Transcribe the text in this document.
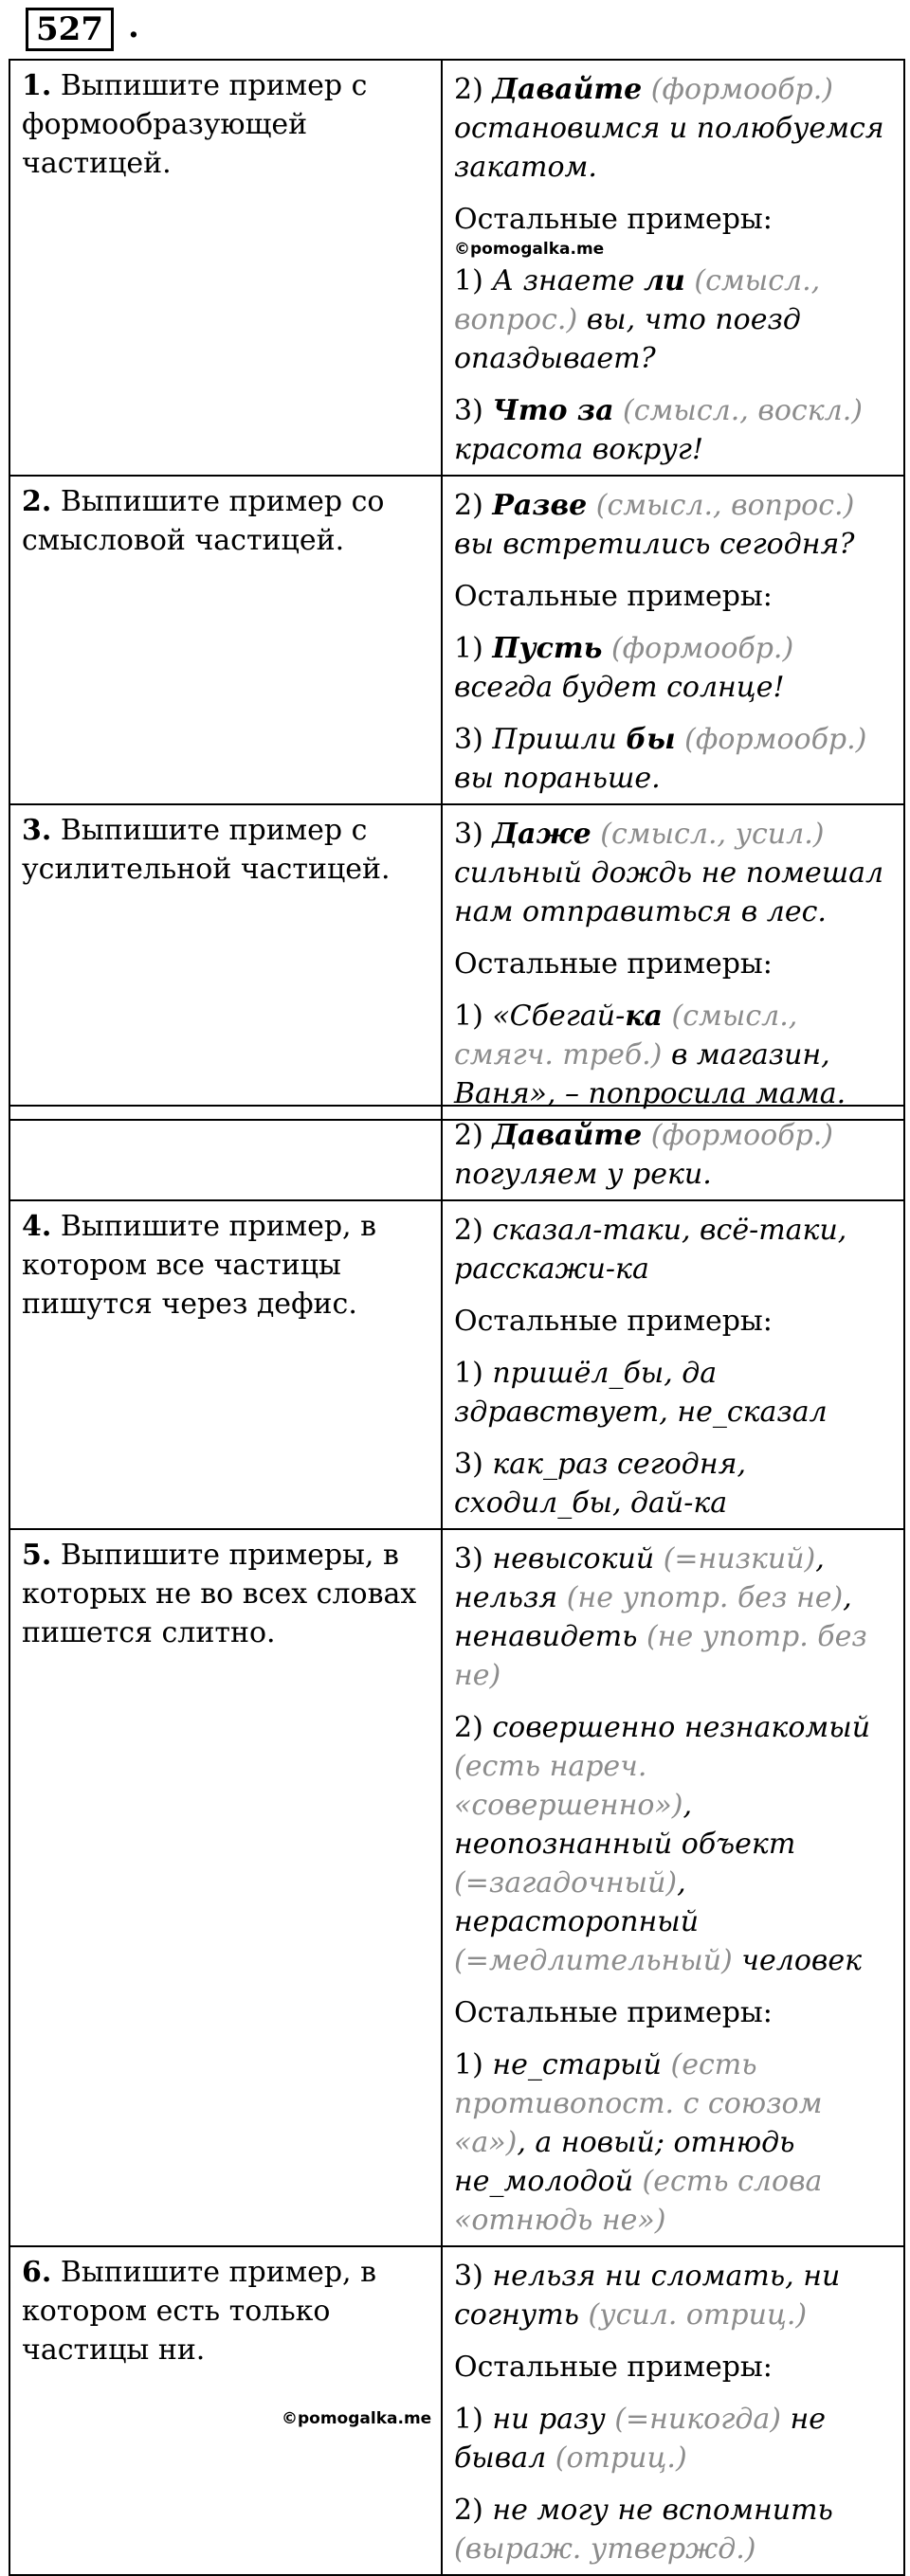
527 .
1. Выпишите пример с формообразующей частицей.	2) Давайте (формообр.) остановимся и полюбуемся закатом.
Остальные примеры:
©pomogalka.me
1) А знаете ли (смысл., вопрос.) вы, что поезд опаздывает?
3) Что за (смысл., воскл.) красота вокруг!

2. Выпишите пример со смысловой частицей.	2) Разве (смысл., вопрос.) вы встретились сегодня?
Остальные примеры:
1) Пусть (формообр.) всегда будет солнце!
3) Пришли бы (формообр.) вы пораньше.

3. Выпишите пример с усилительной частицей.	3) Даже (смысл., усил.) сильный дождь не помешал нам отправиться в лес.
Остальные примеры:
1) «Сбегай-ка (смысл., смягч. треб.) в магазин, Ваня», – попросила мама.

	2) Давайте (формообр.) погуляем у реки.

4. Выпишите пример, в котором все частицы пишутся через дефис.	2) сказал-таки, всё-таки, расскажи-ка
Остальные примеры:
1) пришёл_бы, да здравствует, не_сказал
3) как_раз сегодня, сходил_бы, дай-ка

5. Выпишите примеры, в которых не во всех словах пишется слитно.	3) невысокий (=низкий), нельзя (не употр. без не), ненавидеть (не употр. без не)
2) совершенно незнакомый (есть нареч. «совершенно»), неопознанный объект (=загадочный), нерасторопный (=медлительный) человек
Остальные примеры:
1) не_старый (есть противопост. с союзом «а»), а новый; отнюдь не_молодой (есть слова «отнюдь не»)

6. Выпишите пример, в котором есть только частицы ни.	3) нельзя ни сломать, ни согнуть (усил. отриц.)
Остальные примеры:
1) ни разу (=никогда) не бывал (отриц.)
2) не могу не вспомнить (выраж. утвержд.)
©pomogalka.me
